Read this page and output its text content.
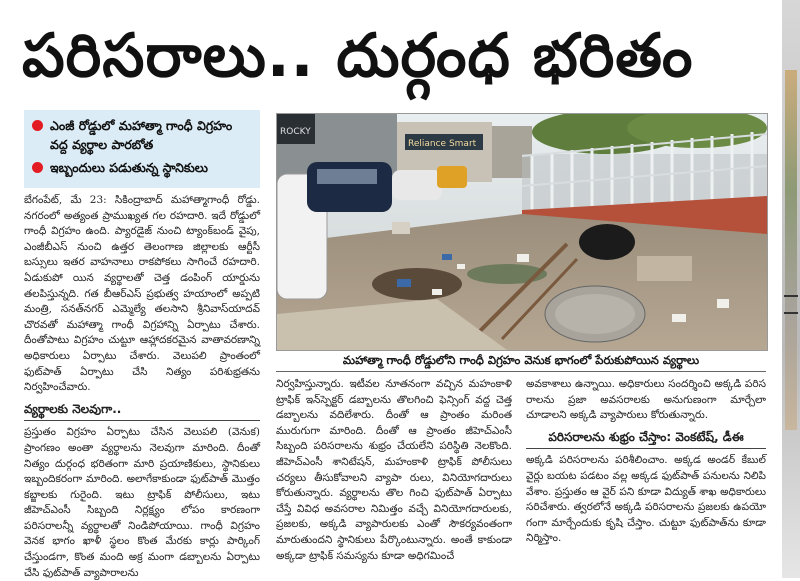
పరిసరాలు.. దుర్గంధ భరితం
ఎంజీ రోడ్డులో మహాత్మా గాంధీ విగ్రహం వద్ద వ్యర్థాల పారబోత
ఇబ్బందులు పడుతున్న స్థానికులు
Reliance Smart
ROCKY
మహాత్మా గాంధీ రోడ్డులోని గాంధీ విగ్రహం వెనుక భాగంలో పేరుకుపోయిన వ్యర్థాలు

బేగంపేట్, మే 23: సికింద్రాబాద్ మహాత్మాగాంధీ రోడ్డు. నగరంలో అత్యంత ప్రాముఖ్యత గల రహదారి. ఇదే రోడ్డులో గాంధీ విగ్రహం ఉంది. ప్యారడైజ్ నుంచి ట్యాంక్‌బండ్ వైపు, ఎంజీబీఎస్ నుంచి ఉత్తర తెలంగాణ జిల్లాలకు ఆర్టీసీ బస్సులు ఇతర వాహనాలు రాకపోకలు సాగించే రహదారి. ఏడుకుపో యిన వ్యర్థాలతో చెత్త డంపింగ్ యార్డును తలపిస్తున్నది. గత బీఆర్ఎస్ ప్రభుత్వ హయాంలో అప్పటి మంత్రి, సనత్‌నగర్ ఎమ్మెల్యే తలసాని శ్రీనివాస్‌యాదవ్ చొరవతో మహాత్మా గాంధీ విగ్రహాన్ని ఏర్పాటు చేశారు. దీంతోపాటు విగ్రహం చుట్టూ ఆహ్లాదకరమైన వాతావరణాన్ని అధికారులు ఏర్పాటు చేశారు. వెలుపలి ప్రాంతంలో ఫుట్‌పాత్ ఏర్పాటు చేసి నిత్యం పరిశుభ్రతను నిర్వహించేవారు.

వ్యర్థాలకు నెలవుగా..

ప్రస్తుతం విగ్రహం ఏర్పాటు చేసిన వెలుపలి (వెనుక) ప్రాంగణం అంతా వ్యర్థాలను నెలవుగా మారింది. దీంతో నిత్యం దుర్గంధ భరితంగా మారి ప్రయాణికులు, స్థానికులు ఇబ్బందికరంగా మారింది. అలాగేకాకుండా ఫుట్‌పాత్ మొత్తం కబ్జాలకు గురైంది. ఇటు ట్రాఫిక్ పోలీసులు, ఇటు జీహెచ్‌ఎంసీ సిబ్బంది నిర్లక్ష్యం లోపం కారణంగా పరిసరాలన్నీ వ్యర్థాలతో నిండిపోయాయి. గాంధీ విగ్రహం వెనక భాగం ఖాళీ స్థలం కొంత మేరకు కార్లు పార్కింగ్ చేస్తుండగా, కొంత మంది అక్ర మంగా డబ్బాలను ఏర్పాటు చేసి ఫుట్‌పాత్ వ్యాపారాలను

నిర్వహిస్తున్నారు. ఇటీవల నూతనంగా వచ్చిన మహంకాళి ట్రాఫిక్ ఇన్‌స్పెక్టర్ డబ్బాలను తొలగించి ఫెన్సింగ్ వద్ద చెత్త డబ్బాలను వదిలేశారు. దీంతో ఆ ప్రాంతం మరింత మురుగుగా మారింది. దీంతో ఆ ప్రాంతం జీహెచ్‌ఎంసీ సిబ్బంది పరిసరాలను శుభ్రం చేయలేని పరిస్థితి నెలకొంది. జీహెచ్‌ఎంసీ శానిటేషన్, మహంకాళి ట్రాఫిక్ పోలీసులు చర్యలు తీసుకోవాలని వ్యాపా రులు, వినియోగదారులు కోరుతున్నారు. వ్యర్థాలను తొల గించి ఫుట్‌పాత్ ఏర్పాటు చేస్తే వివిధ అవసరాల నిమిత్తం వచ్చే వినియోగదారులకు, ప్రజలకు, అక్కడి వ్యాపారులకు ఎంతో సౌకర్యవంతంగా మారుతుందని స్థానికులు పేర్కొంటున్నారు. అంతే కాకుండా అక్కడా ట్రాఫిక్ సమస్యను కూడా అధిగమించే

అవకాశాలు ఉన్నాయి. అధికారులు సందర్శించి అక్కడి పరిస రాలను ప్రజా అవసరాలకు అనుగుణంగా మార్చేలా చూడాలని అక్కడి వ్యాపారులు కోరుతున్నారు.

పరిసరాలను శుభ్రం చేస్తాం: వెంకటేష్, డీఈ

అక్కడి పరిసరాలను పరిశీలించాం. అక్కడ అండర్ కేబుల్ వైర్లు బయట పడటం వల్ల అక్కడ ఫుట్‌పాత్ పనులను నిలిపి వేశాం. ప్రస్తుతం ఆ వైర్ పని కూడా విద్యుత్ శాఖ అధికారులు సరిచేశారు. త్వరలోనే అక్కడి పరిసరాలను ప్రజలకు ఉపయో గంగా మార్చేందుకు కృషి చేస్తాం. చుట్టూ ఫుట్‌పాత్‌ను కూడా నిర్మిస్తాం.
